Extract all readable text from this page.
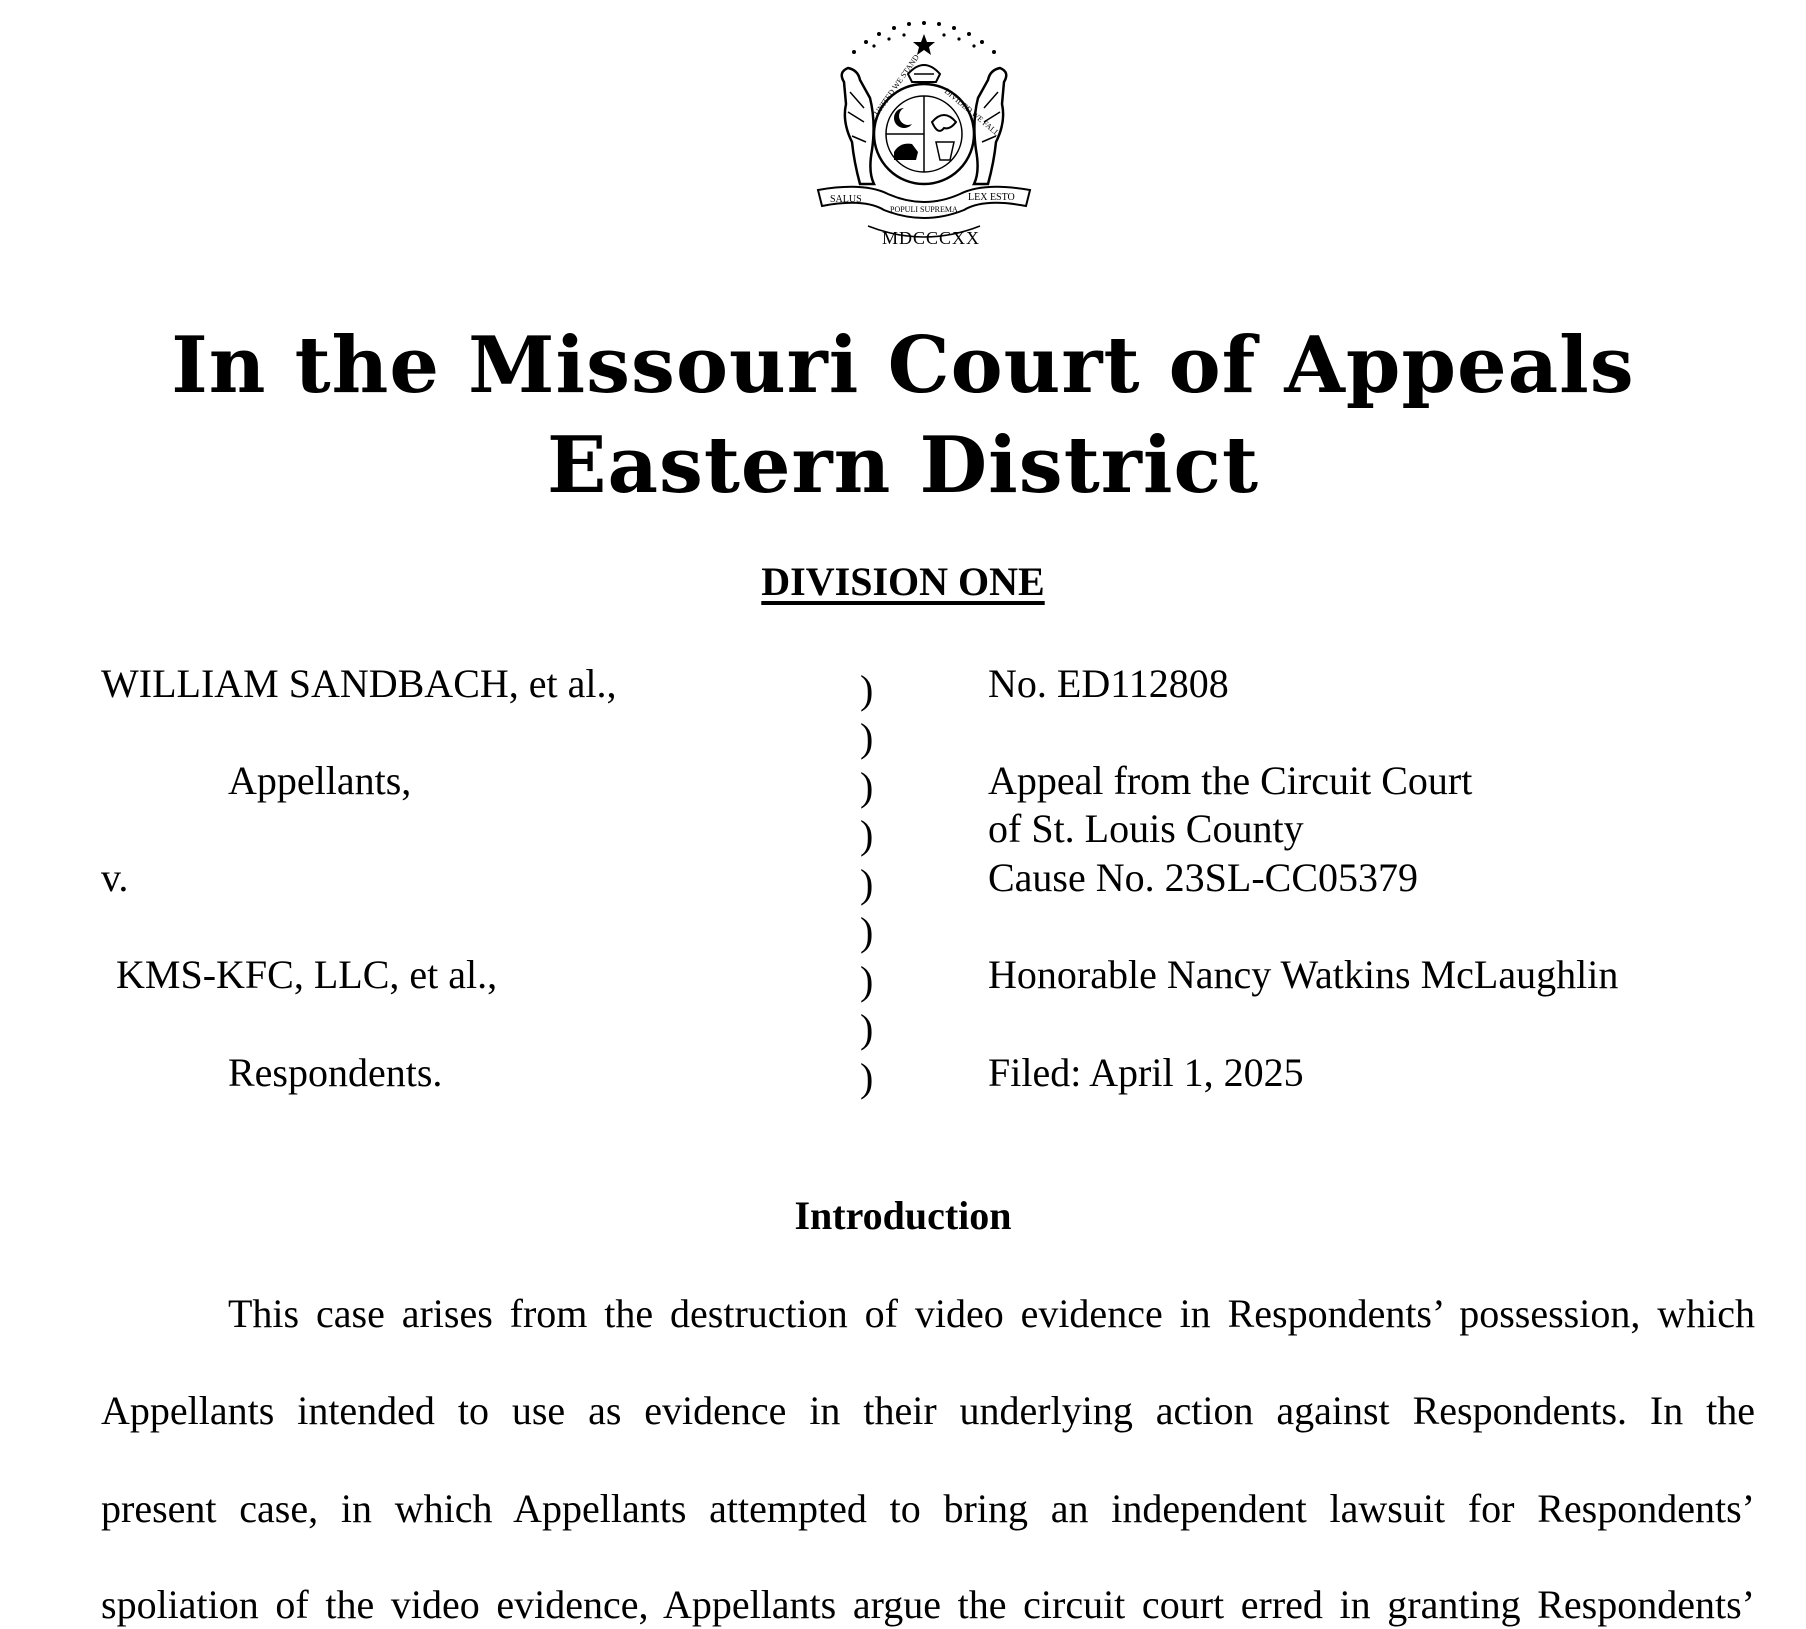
UNITED WE STAND	DIVIDED WE FALL
SALUS
POPULI SUPREMA
LEX ESTO
MDCCCXX
In the Missouri Court of Appeals
Eastern District
DIVISION ONE
WILLIAM SANDBACH, et al.,
Appellants,
v.
KMS-KFC, LLC, et al.,
Respondents.
)
)
)
)
)
)
)
)
)
No. ED112808
Appeal from the Circuit Court
of St. Louis County
Cause No. 23SL-CC05379
Honorable Nancy Watkins McLaughlin
Filed: April 1, 2025
Introduction
This case arises from the destruction of video evidence in Respondents’ possession, which
Appellants intended to use as evidence in their underlying action against Respondents. In the
present case, in which Appellants attempted to bring an independent lawsuit for Respondents’
spoliation of the video evidence, Appellants argue the circuit court erred in granting Respondents’
